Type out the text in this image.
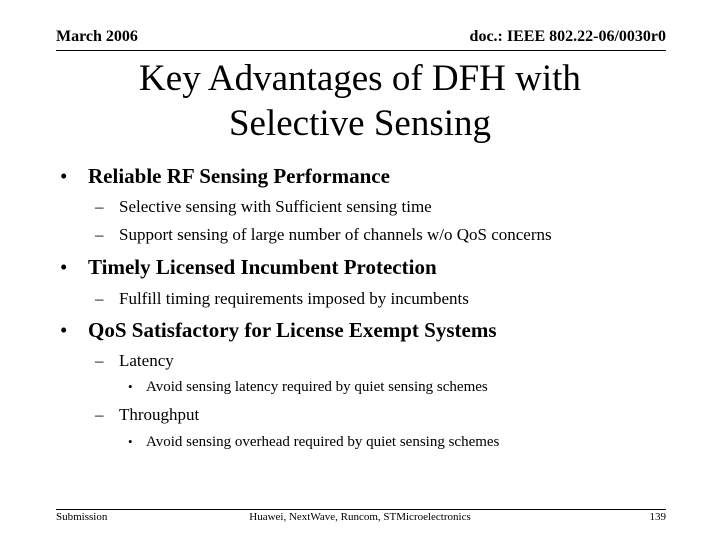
March 2006	doc.: IEEE 802.22-06/0030r0
Key Advantages of DFH with
Selective Sensing
• Reliable RF Sensing Performance
– Selective sensing with Sufficient sensing time
– Support sensing of large number of channels w/o QoS concerns
• Timely Licensed Incumbent Protection
– Fulfill timing requirements imposed by incumbents
• QoS Satisfactory for License Exempt Systems
– Latency
• Avoid sensing latency required by quiet sensing schemes
– Throughput
• Avoid sensing overhead required by quiet sensing schemes
Submission	Huawei, NextWave, Runcom, STMicroelectronics	139
